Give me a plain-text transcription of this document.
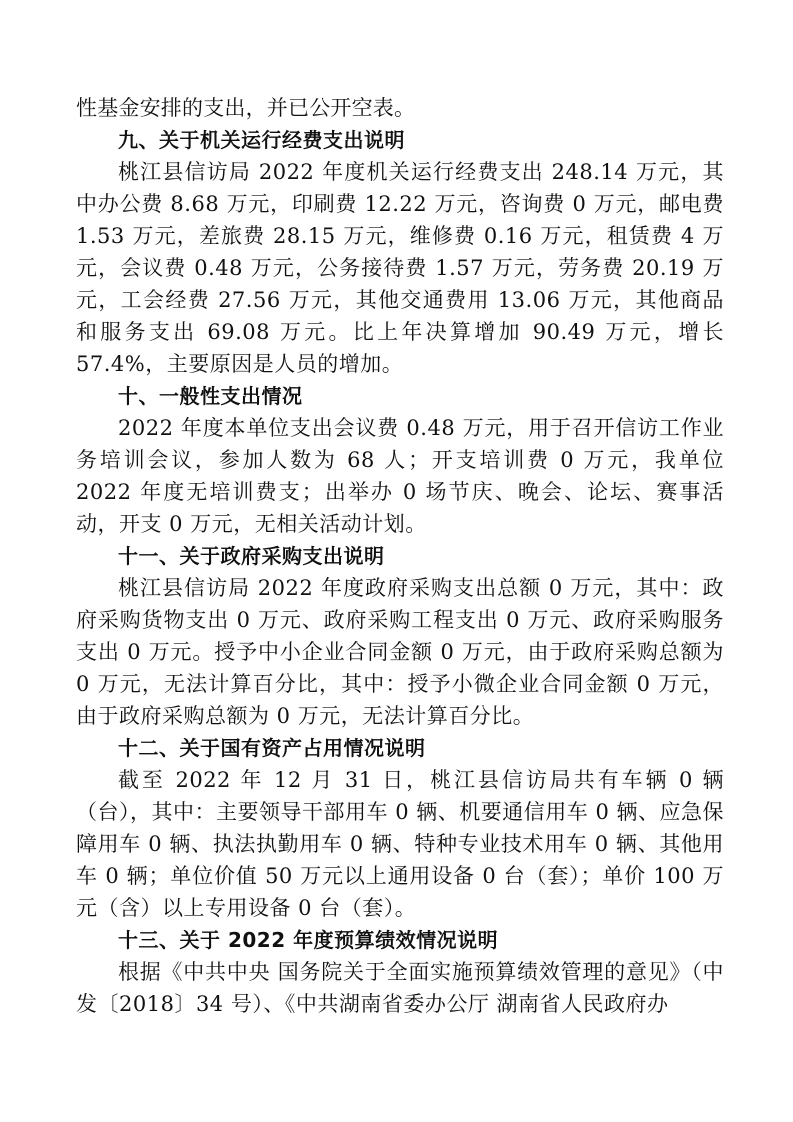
性基金安排的支出，并已公开空表。

九、关于机关运行经费支出说明

桃江县信访局 2022 年度机关运行经费支出 248.14 万元，其中办公费 8.68 万元，印刷费 12.22 万元，咨询费 0 万元，邮电费 1.53 万元，差旅费 28.15 万元，维修费 0.16 万元，租赁费 4 万元，会议费 0.48 万元，公务接待费 1.57 万元，劳务费 20.19 万元，工会经费 27.56 万元，其他交通费用 13.06 万元，其他商品和服务支出 69.08 万元。比上年决算增加 90.49 万元，增长 57.4%，主要原因是人员的增加。

十、一般性支出情况

2022 年度本单位支出会议费 0.48 万元，用于召开信访工作业务培训会议，参加人数为 68 人；开支培训费 0 万元，我单位 2022 年度无培训费支；出举办 0 场节庆、晚会、论坛、赛事活动，开支 0 万元，无相关活动计划。

十一、关于政府采购支出说明

桃江县信访局 2022 年度政府采购支出总额 0 万元，其中：政府采购货物支出 0 万元、政府采购工程支出 0 万元、政府采购服务支出 0 万元。授予中小企业合同金额 0 万元，由于政府采购总额为 0 万元，无法计算百分比，其中：授予小微企业合同金额 0 万元，由于政府采购总额为 0 万元，无法计算百分比。

十二、关于国有资产占用情况说明

截至 2022 年 12 月 31 日，桃江县信访局共有车辆 0 辆（台），其中：主要领导干部用车 0 辆、机要通信用车 0 辆、应急保障用车 0 辆、执法执勤用车 0 辆、特种专业技术用车 0 辆、其他用车 0 辆；单位价值 50 万元以上通用设备 0 台（套）；单价 100 万元（含）以上专用设备 0 台（套）。

十三、关于 2022 年度预算绩效情况说明

根据《中共中央 国务院关于全面实施预算绩效管理的意见》（中发〔2018〕34 号）、《中共湖南省委办公厅 湖南省人民政府办
